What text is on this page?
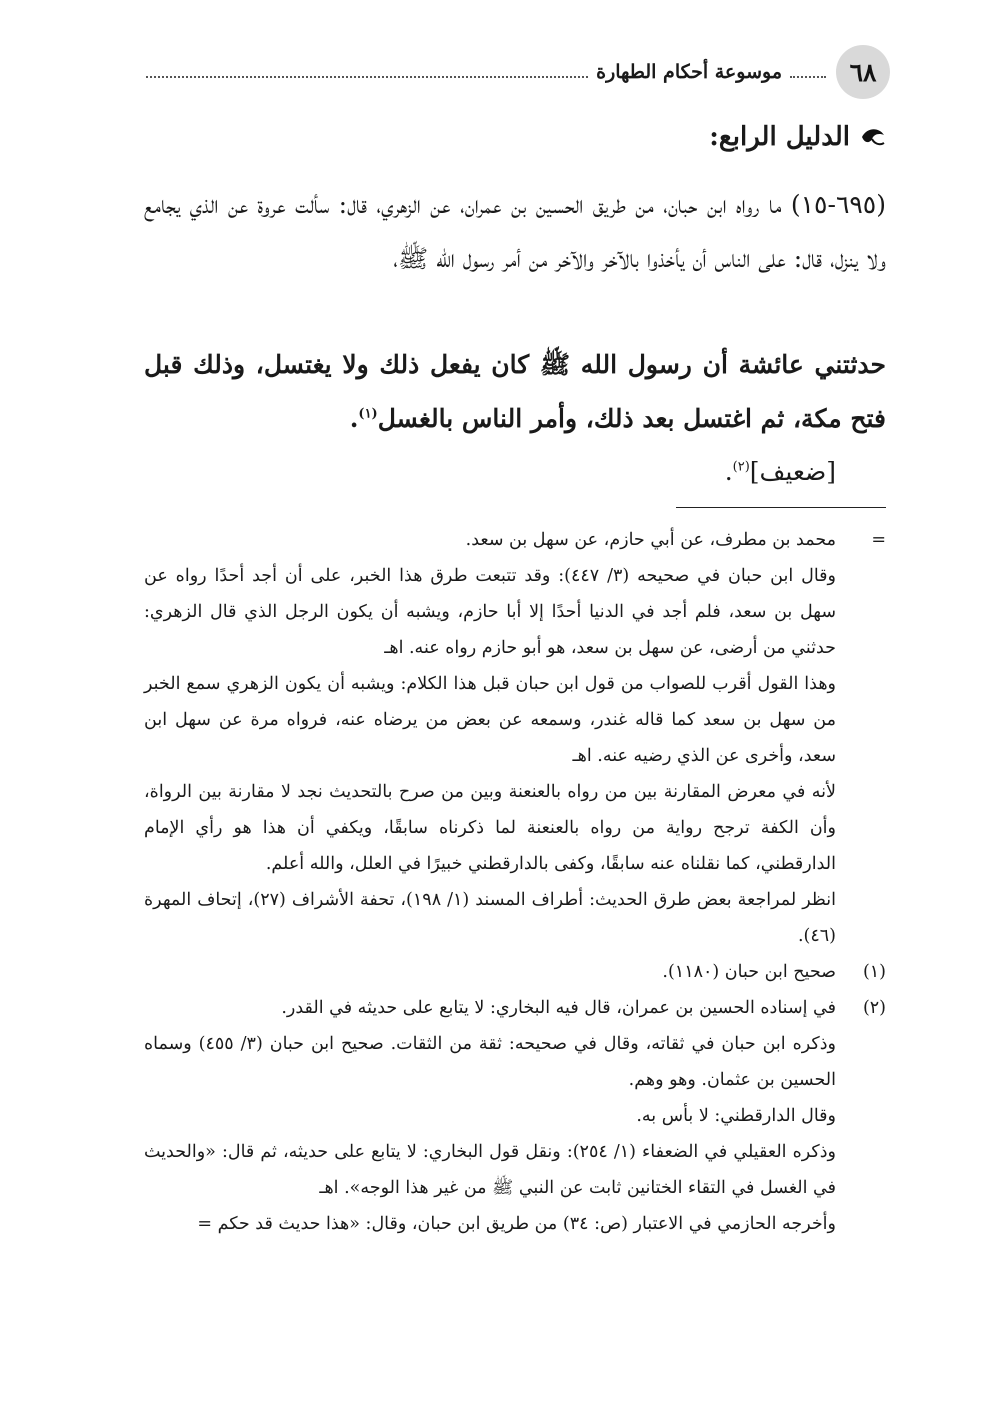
٦٨
موسوعة أحكام الطهارة
الدليل الرابع:
(٦٩٥-١٥) ما رواه ابن حبان، من طريق الحسين بن عمران، عن الزهري، قال: سألت عروة عن الذي يجامع ولا ينزل، قال: على الناس أن يأخذوا بالآخر والآخر من أمر رسول الله ﷺ،
حدثتني عائشة أن رسول الله ﷺ كان يفعل ذلك ولا يغتسل، وذلك قبل فتح مكة، ثم اغتسل بعد ذلك، وأمر الناس بالغسل$^{(١)}$.
[ضعيف]$^{(٢)}$.
=
محمد بن مطرف، عن أبي حازم، عن سهل بن سعد.
وقال ابن حبان في صحيحه (٣/ ٤٤٧): وقد تتبعت طرق هذا الخبر، على أن أجد أحدًا رواه عن سهل بن سعد، فلم أجد في الدنيا أحدًا إلا أبا حازم، ويشبه أن يكون الرجل الذي قال الزهري: حدثني من أرضى، عن سهل بن سعد، هو أبو حازم رواه عنه. اهـ
وهذا القول أقرب للصواب من قول ابن حبان قبل هذا الكلام: ويشبه أن يكون الزهري سمع الخبر من سهل بن سعد كما قاله غندر، وسمعه عن بعض من يرضاه عنه، فرواه مرة عن سهل ابن سعد، وأخرى عن الذي رضيه عنه. اهـ
لأنه في معرض المقارنة بين من رواه بالعنعنة وبين من صرح بالتحديث نجد لا مقارنة بين الرواة، وأن الكفة ترجح رواية من رواه بالعنعنة لما ذكرناه سابقًا، ويكفي أن هذا هو رأي الإمام الدارقطني، كما نقلناه عنه سابقًا، وكفى بالدارقطني خبيرًا في العلل، والله أعلم.
انظر لمراجعة بعض طرق الحديث: أطراف المسند (١/ ١٩٨)، تحفة الأشراف (٢٧)، إتحاف المهرة (٤٦).
(١)
صحيح ابن حبان (١١٨٠).
(٢)
في إسناده الحسين بن عمران، قال فيه البخاري: لا يتابع على حديثه في القدر.
وذكره ابن حبان في ثقاته، وقال في صحيحه: ثقة من الثقات. صحيح ابن حبان (٣/ ٤٥٥) وسماه الحسين بن عثمان. وهو وهم.
وقال الدارقطني: لا بأس به.
وذكره العقيلي في الضعفاء (١/ ٢٥٤): ونقل قول البخاري: لا يتابع على حديثه، ثم قال: «والحديث في الغسل في التقاء الختانين ثابت عن النبي ﷺ من غير هذا الوجه». اهـ
وأخرجه الحازمي في الاعتبار (ص: ٣٤) من طريق ابن حبان، وقال: «هذا حديث قد حكم =
